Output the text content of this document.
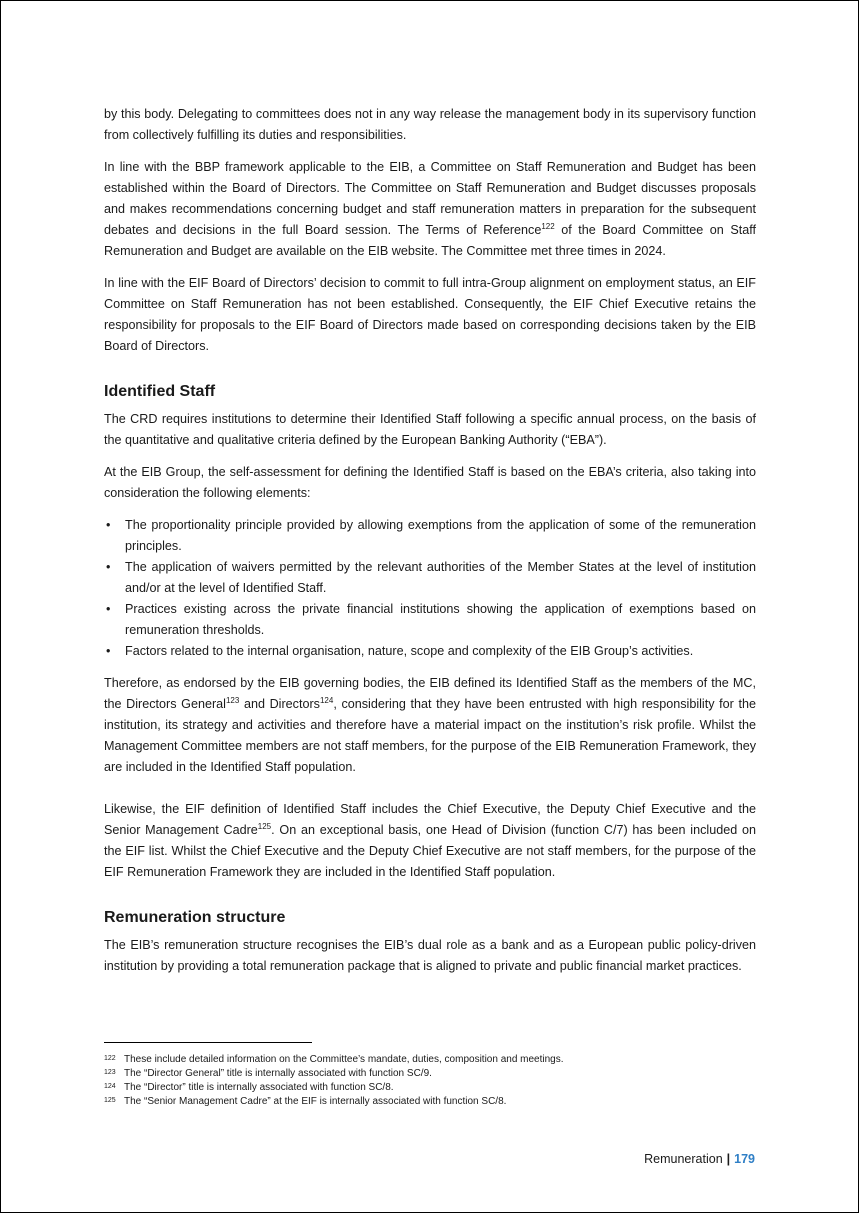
by this body. Delegating to committees does not in any way release the management body in its supervisory function from collectively fulfilling its duties and responsibilities.

In line with the BBP framework applicable to the EIB, a Committee on Staff Remuneration and Budget has been established within the Board of Directors. The Committee on Staff Remuneration and Budget discusses proposals and makes recommendations concerning budget and staff remuneration matters in preparation for the subsequent debates and decisions in the full Board session. The Terms of Reference$^{122}$ of the Board Committee on Staff Remuneration and Budget are available on the EIB website. The Committee met three times in 2024.

In line with the EIF Board of Directors’ decision to commit to full intra-Group alignment on employment status, an EIF Committee on Staff Remuneration has not been established. Consequently, the EIF Chief Executive retains the responsibility for proposals to the EIF Board of Directors made based on corresponding decisions taken by the EIB Board of Directors.

Identified Staff

The CRD requires institutions to determine their Identified Staff following a specific annual process, on the basis of the quantitative and qualitative criteria defined by the European Banking Authority (“EBA”).

At the EIB Group, the self-assessment for defining the Identified Staff is based on the EBA’s criteria, also taking into consideration the following elements:

• The proportionality principle provided by allowing exemptions from the application of some of the remuneration principles.
• The application of waivers permitted by the relevant authorities of the Member States at the level of institution and/or at the level of Identified Staff.
• Practices existing across the private financial institutions showing the application of exemptions based on remuneration thresholds.
• Factors related to the internal organisation, nature, scope and complexity of the EIB Group’s activities.

Therefore, as endorsed by the EIB governing bodies, the EIB defined its Identified Staff as the members of the MC, the Directors General$^{123}$ and Directors$^{124}$, considering that they have been entrusted with high responsibility for the institution, its strategy and activities and therefore have a material impact on the institution’s risk profile. Whilst the Management Committee members are not staff members, for the purpose of the EIB Remuneration Framework, they are included in the Identified Staff population.

Likewise, the EIF definition of Identified Staff includes the Chief Executive, the Deputy Chief Executive and the Senior Management Cadre$^{125}$. On an exceptional basis, one Head of Division (function C/7) has been included on the EIF list. Whilst the Chief Executive and the Deputy Chief Executive are not staff members, for the purpose of the EIF Remuneration Framework they are included in the Identified Staff population.

Remuneration structure

The EIB’s remuneration structure recognises the EIB’s dual role as a bank and as a European public policy-driven institution by providing a total remuneration package that is aligned to private and public financial market practices.

122 These include detailed information on the Committee’s mandate, duties, composition and meetings.
123 The “Director General” title is internally associated with function SC/9.
124 The “Director” title is internally associated with function SC/8.
125 The “Senior Management Cadre” at the EIF is internally associated with function SC/8.
Remuneration | 179
